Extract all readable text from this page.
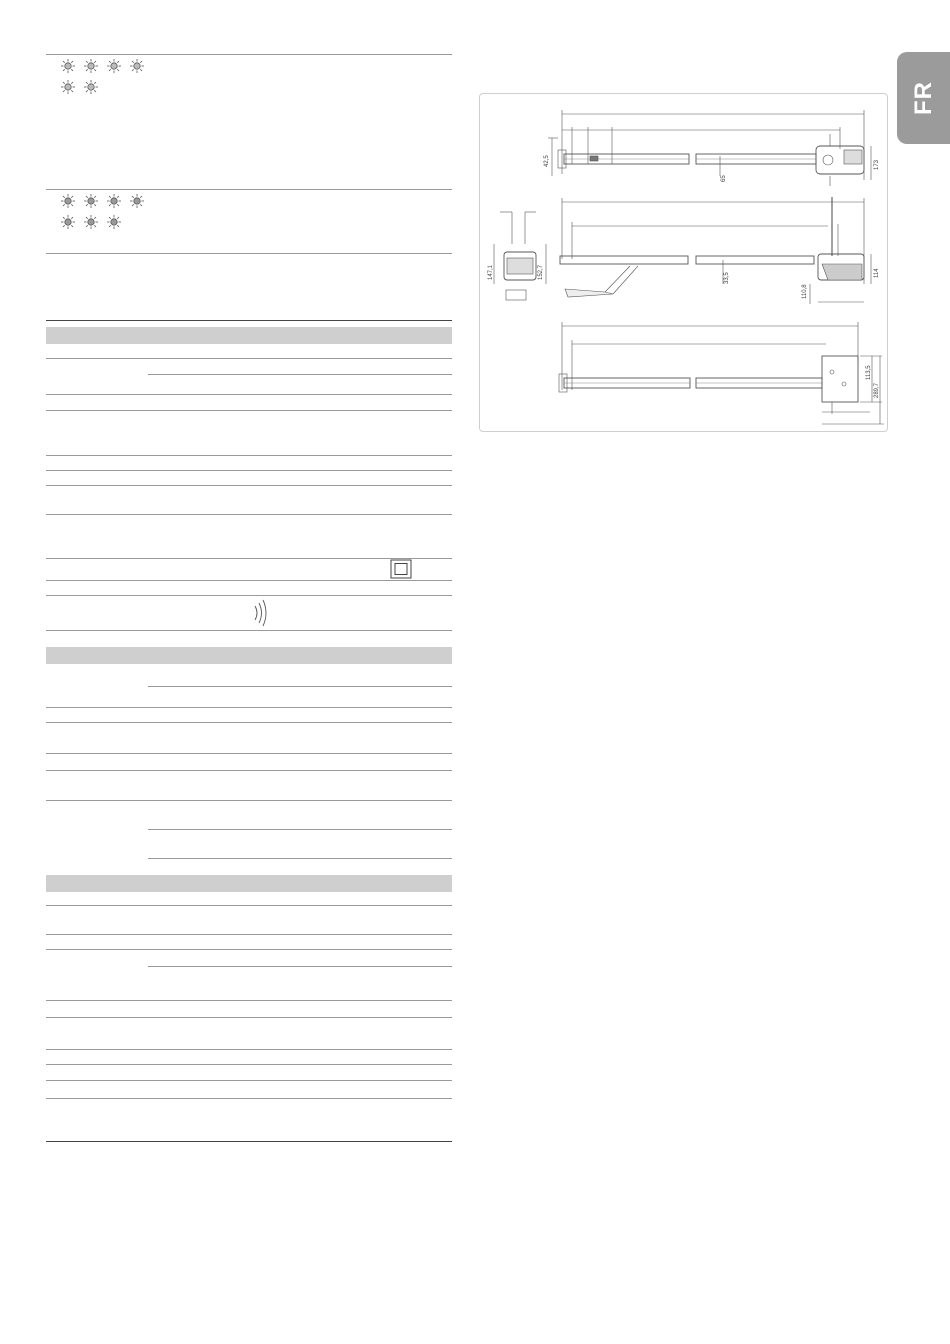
FR
42,5
65
173
147,1	152,7	33,5
110,8
114
113,5
289,7
